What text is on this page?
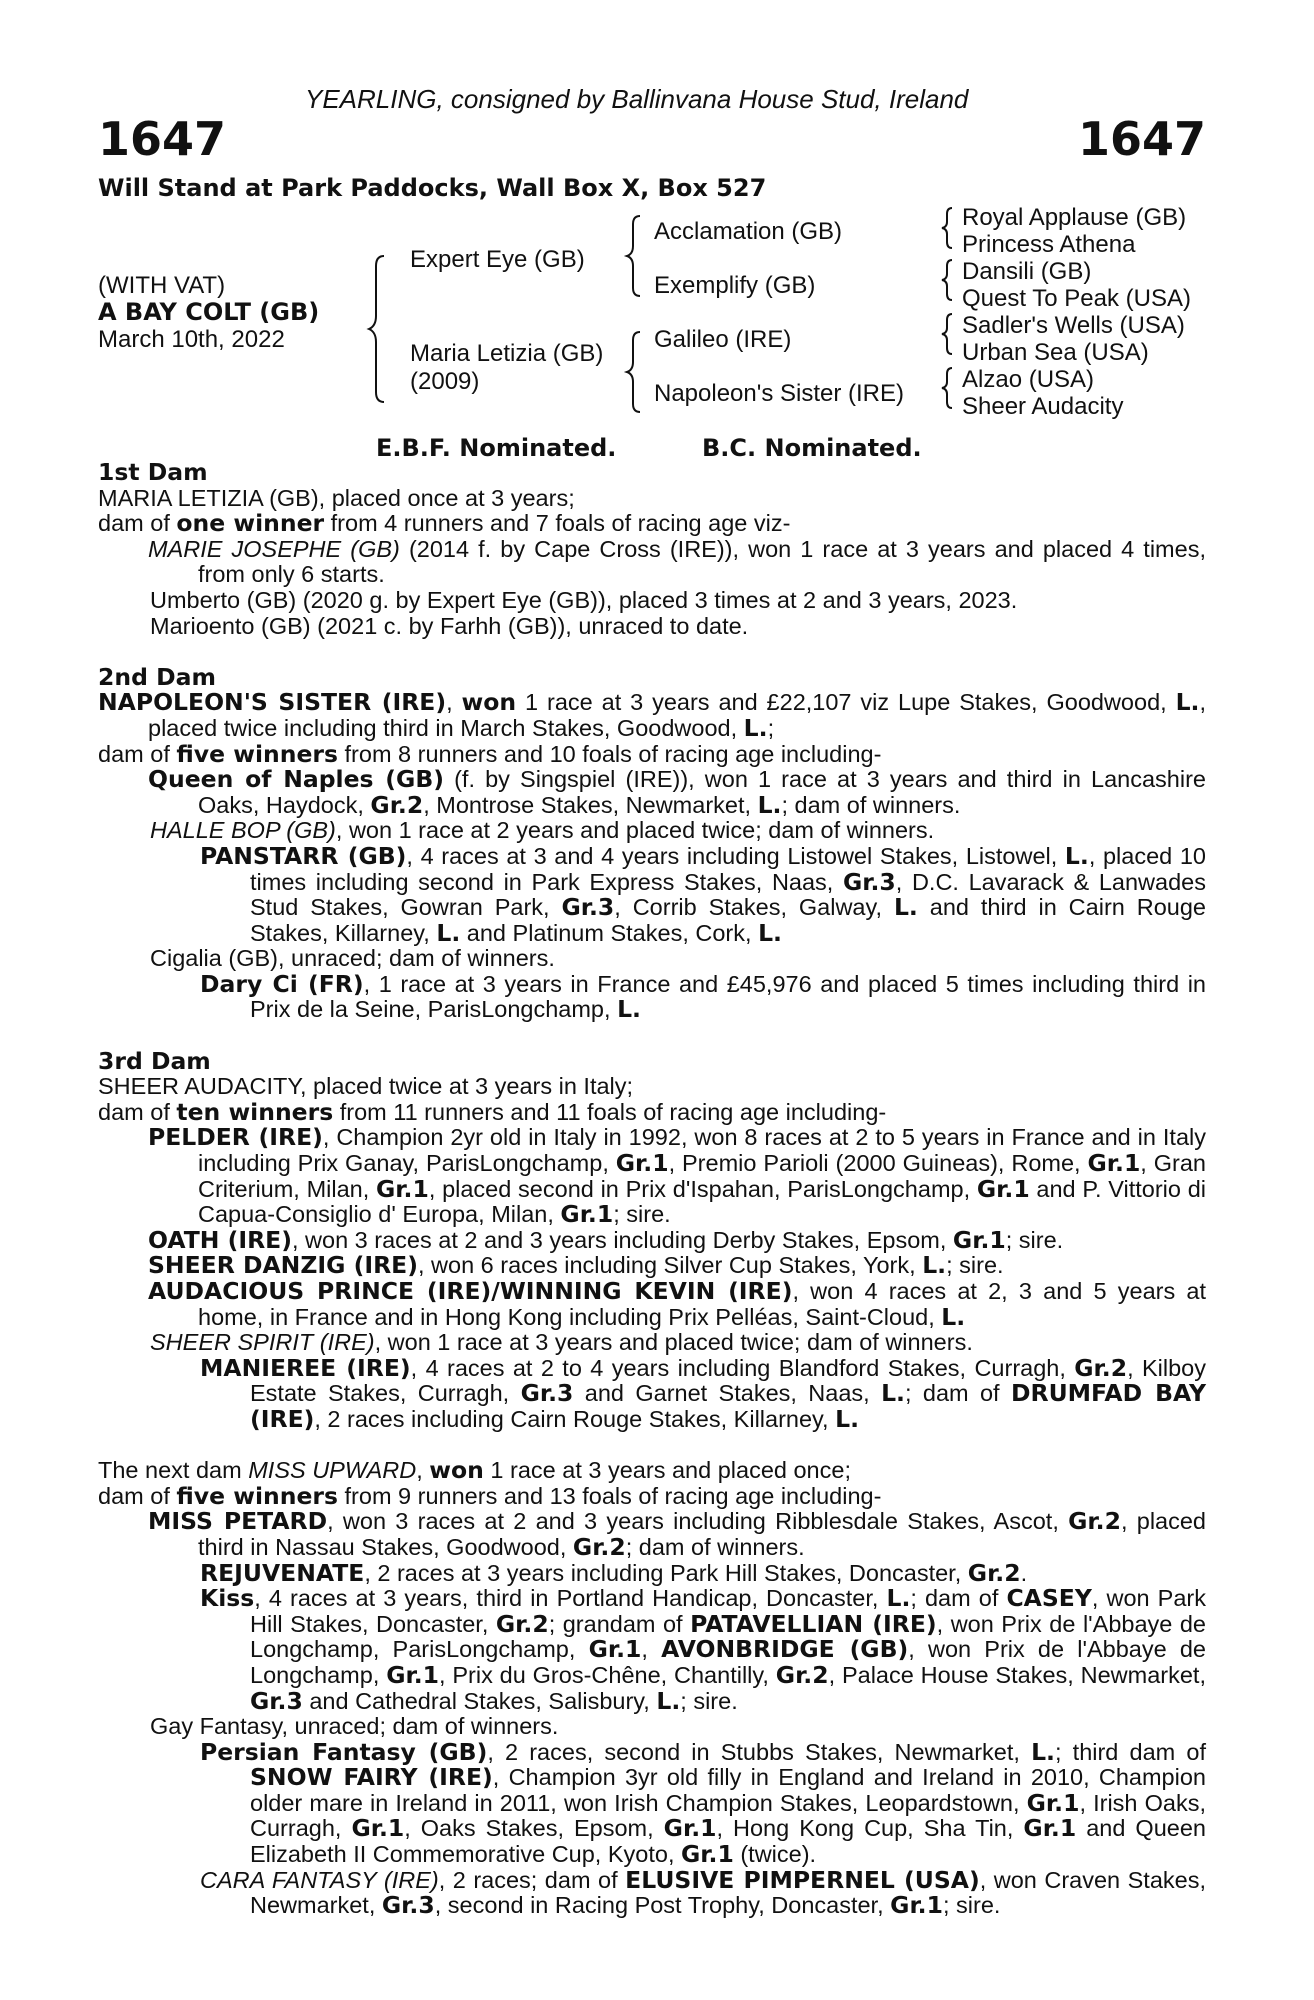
YEARLING, consigned by Ballinvana House Stud, Ireland
1647	1647
Will Stand at Park Paddocks, Wall Box X, Box 527
(WITH VAT)
A BAY COLT (GB)
March 10th, 2022
Expert Eye (GB)
Maria Letizia (GB)
(2009)
Acclamation (GB)
Exemplify (GB)
Galileo (IRE)
Napoleon's Sister (IRE)
Royal Applause (GB)
Princess Athena
Dansili (GB)
Quest To Peak (USA)
Sadler's Wells (USA)
Urban Sea (USA)
Alzao (USA)
Sheer Audacity
E.B.F. Nominated.	B.C. Nominated.

1st Dam

MARIA LETIZIA (GB), placed once at 3 years;

dam of one winner from 4 runners and 7 foals of racing age viz-

MARIE JOSEPHE (GB) (2014 f. by Cape Cross (IRE)), won 1 race at 3 years and placed 4 times, from only 6 starts.

Umberto (GB) (2020 g. by Expert Eye (GB)), placed 3 times at 2 and 3 years, 2023.

Marioento (GB) (2021 c. by Farhh (GB)), unraced to date.

2nd Dam

NAPOLEON'S SISTER (IRE), won 1 race at 3 years and £22,107 viz Lupe Stakes, Goodwood, L., placed twice including third in March Stakes, Goodwood, L.;

dam of five winners from 8 runners and 10 foals of racing age including-

Queen of Naples (GB) (f. by Singspiel (IRE)), won 1 race at 3 years and third in Lancashire Oaks, Haydock, Gr.2, Montrose Stakes, Newmarket, L.; dam of winners.

HALLE BOP (GB), won 1 race at 2 years and placed twice; dam of winners.

PANSTARR (GB), 4 races at 3 and 4 years including Listowel Stakes, Listowel, L., placed 10 times including second in Park Express Stakes, Naas, Gr.3, D.C. Lavarack & Lanwades Stud Stakes, Gowran Park, Gr.3, Corrib Stakes, Galway, L. and third in Cairn Rouge Stakes, Killarney, L. and Platinum Stakes, Cork, L.

Cigalia (GB), unraced; dam of winners.

Dary Ci (FR), 1 race at 3 years in France and £45,976 and placed 5 times including third in Prix de la Seine, ParisLongchamp, L.

3rd Dam

SHEER AUDACITY, placed twice at 3 years in Italy;

dam of ten winners from 11 runners and 11 foals of racing age including-

PELDER (IRE), Champion 2yr old in Italy in 1992, won 8 races at 2 to 5 years in France and in Italy including Prix Ganay, ParisLongchamp, Gr.1, Premio Parioli (2000 Guineas), Rome, Gr.1, Gran Criterium, Milan, Gr.1, placed second in Prix d'Ispahan, ParisLongchamp, Gr.1 and P. Vittorio di Capua-Consiglio d' Europa, Milan, Gr.1; sire.

OATH (IRE), won 3 races at 2 and 3 years including Derby Stakes, Epsom, Gr.1; sire.

SHEER DANZIG (IRE), won 6 races including Silver Cup Stakes, York, L.; sire.

AUDACIOUS PRINCE (IRE)/WINNING KEVIN (IRE), won 4 races at 2, 3 and 5 years at home, in France and in Hong Kong including Prix Pelléas, Saint-Cloud, L.

SHEER SPIRIT (IRE), won 1 race at 3 years and placed twice; dam of winners.

MANIEREE (IRE), 4 races at 2 to 4 years including Blandford Stakes, Curragh, Gr.2, Kilboy Estate Stakes, Curragh, Gr.3 and Garnet Stakes, Naas, L.; dam of DRUMFAD BAY (IRE), 2 races including Cairn Rouge Stakes, Killarney, L.

The next dam MISS UPWARD, won 1 race at 3 years and placed once;

dam of five winners from 9 runners and 13 foals of racing age including-

MISS PETARD, won 3 races at 2 and 3 years including Ribblesdale Stakes, Ascot, Gr.2, placed third in Nassau Stakes, Goodwood, Gr.2; dam of winners.

REJUVENATE, 2 races at 3 years including Park Hill Stakes, Doncaster, Gr.2.

Kiss, 4 races at 3 years, third in Portland Handicap, Doncaster, L.; dam of CASEY, won Park Hill Stakes, Doncaster, Gr.2; grandam of PATAVELLIAN (IRE), won Prix de l'Abbaye de Longchamp, ParisLongchamp, Gr.1, AVONBRIDGE (GB), won Prix de l'Abbaye de Longchamp, Gr.1, Prix du Gros-Chêne, Chantilly, Gr.2, Palace House Stakes, Newmarket, Gr.3 and Cathedral Stakes, Salisbury, L.; sire.

Gay Fantasy, unraced; dam of winners.

Persian Fantasy (GB), 2 races, second in Stubbs Stakes, Newmarket, L.; third dam of SNOW FAIRY (IRE), Champion 3yr old filly in England and Ireland in 2010, Champion older mare in Ireland in 2011, won Irish Champion Stakes, Leopardstown, Gr.1, Irish Oaks, Curragh, Gr.1, Oaks Stakes, Epsom, Gr.1, Hong Kong Cup, Sha Tin, Gr.1 and Queen Elizabeth II Commemorative Cup, Kyoto, Gr.1 (twice).

CARA FANTASY (IRE), 2 races; dam of ELUSIVE PIMPERNEL (USA), won Craven Stakes, Newmarket, Gr.3, second in Racing Post Trophy, Doncaster, Gr.1; sire.
